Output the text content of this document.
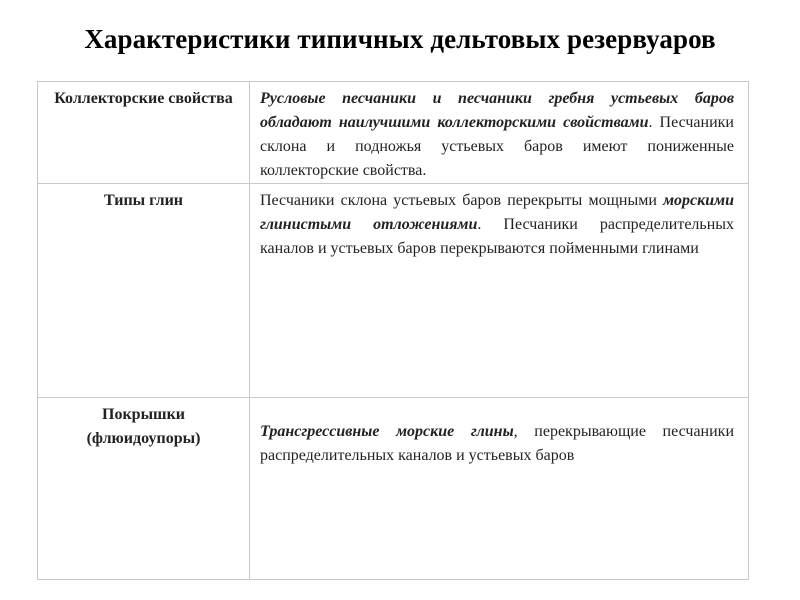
Характеристики типичных дельтовых резервуаров
Коллекторские свойства	Русловые песчаники и песчаники гребня устьевых баров обладают наилучшими коллекторскими свойствами. Песчаники склона и подножья устьевых баров имеют пониженные коллекторские свойства.
Типы глин	Песчаники склона устьевых баров перекрыты мощными морскими глинистыми отложениями. Песчаники распределительных каналов и устьевых баров перекрываются пойменными глинами
Покрышки (флюидоупоры)	Трансгрессивные морские глины, перекрывающие песчаники распределительных каналов и устьевых баров
